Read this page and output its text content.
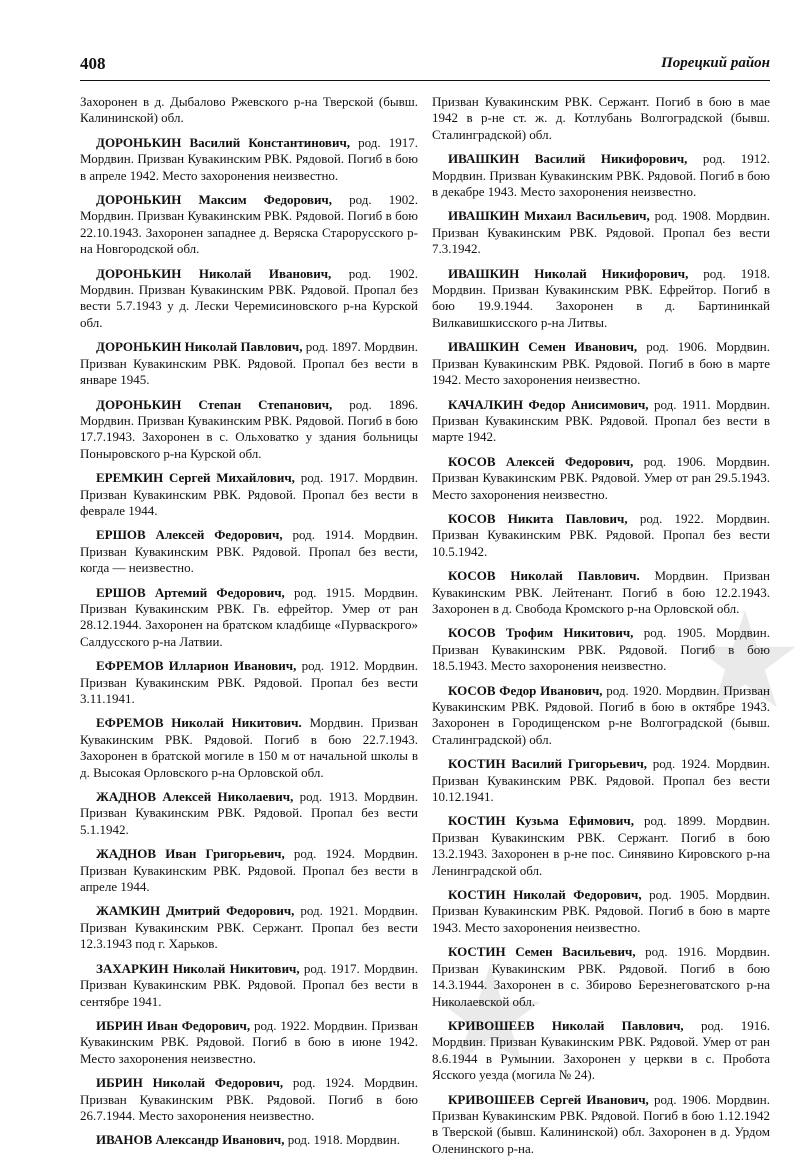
408	Порецкий район

Захоронен в д. Дыбалово Ржевского р-на Тверской (бывш. Калининской) обл.

ДОРОНЬКИН Василий Константинович, род. 1917. Мордвин. Призван Кувакинским РВК. Рядовой. Погиб в бою в апреле 1942. Место захоронения неизвестно.

ДОРОНЬКИН Максим Федорович, род. 1902. Мордвин. Призван Кувакинским РВК. Рядовой. Погиб в бою 22.10.1943. Захоронен западнее д. Веряска Старорусского р-на Новгородской обл.

ДОРОНЬКИН Николай Иванович, род. 1902. Мордвин. Призван Кувакинским РВК. Рядовой. Пропал без вести 5.7.1943 у д. Лески Черемисиновского р-на Курской обл.

ДОРОНЬКИН Николай Павлович, род. 1897. Мордвин. Призван Кувакинским РВК. Рядовой. Пропал без вести в январе 1945.

ДОРОНЬКИН Степан Степанович, род. 1896. Мордвин. Призван Кувакинским РВК. Рядовой. Погиб в бою 17.7.1943. Захоронен в с. Ольховатко у здания больницы Поныровского р-на Курской обл.

ЕРЕМКИН Сергей Михайлович, род. 1917. Мордвин. Призван Кувакинским РВК. Рядовой. Пропал без вести в феврале 1944.

ЕРШОВ Алексей Федорович, род. 1914. Мордвин. Призван Кувакинским РВК. Рядовой. Пропал без вести, когда — неизвестно.

ЕРШОВ Артемий Федорович, род. 1915. Мордвин. Призван Кувакинским РВК. Гв. ефрейтор. Умер от ран 28.12.1944. Захоронен на братском кладбище «Пурваскрого» Салдусского р-на Латвии.

ЕФРЕМОВ Илларион Иванович, род. 1912. Мордвин. Призван Кувакинским РВК. Рядовой. Пропал без вести 3.11.1941.

ЕФРЕМОВ Николай Никитович. Мордвин. Призван Кувакинским РВК. Рядовой. Погиб в бою 22.7.1943. Захоронен в братской могиле в 150 м от начальной школы в д. Высокая Орловского р-на Орловской обл.

ЖАДНОВ Алексей Николаевич, род. 1913. Мордвин. Призван Кувакинским РВК. Рядовой. Пропал без вести 5.1.1942.

ЖАДНОВ Иван Григорьевич, род. 1924. Мордвин. Призван Кувакинским РВК. Рядовой. Пропал без вести в апреле 1944.

ЖАМКИН Дмитрий Федорович, род. 1921. Мордвин. Призван Кувакинским РВК. Сержант. Пропал без вести 12.3.1943 под г. Харьков.

ЗАХАРКИН Николай Никитович, род. 1917. Мордвин. Призван Кувакинским РВК. Рядовой. Пропал без вести в сентябре 1941.

ИБРИН Иван Федорович, род. 1922. Мордвин. Призван Кувакинским РВК. Рядовой. Погиб в бою в июне 1942. Место захоронения неизвестно.

ИБРИН Николай Федорович, род. 1924. Мордвин. Призван Кувакинским РВК. Рядовой. Погиб в бою 26.7.1944. Место захоронения неизвестно.

ИВАНОВ Александр Иванович, род. 1918. Мордвин.

Призван Кувакинским РВК. Сержант. Погиб в бою в мае 1942 в р-не ст. ж. д. Котлубань Волгоградской (бывш. Сталинградской) обл.

ИВАШКИН Василий Никифорович, род. 1912. Мордвин. Призван Кувакинским РВК. Рядовой. Погиб в бою в декабре 1943. Место захоронения неизвестно.

ИВАШКИН Михаил Васильевич, род. 1908. Мордвин. Призван Кувакинским РВК. Рядовой. Пропал без вести 7.3.1942.

ИВАШКИН Николай Никифорович, род. 1918. Мордвин. Призван Кувакинским РВК. Ефрейтор. Погиб в бою 19.9.1944. Захоронен в д. Бартининкай Вилкавишкисского р-на Литвы.

ИВАШКИН Семен Иванович, род. 1906. Мордвин. Призван Кувакинским РВК. Рядовой. Погиб в бою в марте 1942. Место захоронения неизвестно.

КАЧАЛКИН Федор Анисимович, род. 1911. Мордвин. Призван Кувакинским РВК. Рядовой. Пропал без вести в марте 1942.

КОСОВ Алексей Федорович, род. 1906. Мордвин. Призван Кувакинским РВК. Рядовой. Умер от ран 29.5.1943. Место захоронения неизвестно.

КОСОВ Никита Павлович, род. 1922. Мордвин. Призван Кувакинским РВК. Рядовой. Пропал без вести 10.5.1942.

КОСОВ Николай Павлович. Мордвин. Призван Кувакинским РВК. Лейтенант. Погиб в бою 12.2.1943. Захоронен в д. Свобода Кромского р-на Орловской обл.

КОСОВ Трофим Никитович, род. 1905. Мордвин. Призван Кувакинским РВК. Рядовой. Погиб в бою 18.5.1943. Место захоронения неизвестно.

КОСОВ Федор Иванович, род. 1920. Мордвин. Призван Кувакинским РВК. Рядовой. Погиб в бою в октябре 1943. Захоронен в Городищенском р-не Волгоградской (бывш. Сталинградской) обл.

КОСТИН Василий Григорьевич, род. 1924. Мордвин. Призван Кувакинским РВК. Рядовой. Пропал без вести 10.12.1941.

КОСТИН Кузьма Ефимович, род. 1899. Мордвин. Призван Кувакинским РВК. Сержант. Погиб в бою 13.2.1943. Захоронен в р-не пос. Синявино Кировского р-на Ленинградской обл.

КОСТИН Николай Федорович, род. 1905. Мордвин. Призван Кувакинским РВК. Рядовой. Погиб в бою в марте 1943. Место захоронения неизвестно.

КОСТИН Семен Васильевич, род. 1916. Мордвин. Призван Кувакинским РВК. Рядовой. Погиб в бою 14.3.1944. Захоронен в с. Збирово Березнеговатского р-на Николаевской обл.

КРИВОШЕЕВ Николай Павлович, род. 1916. Мордвин. Призван Кувакинским РВК. Рядовой. Умер от ран 8.6.1944 в Румынии. Захоронен у церкви в с. Пробота Ясского уезда (могила № 24).

КРИВОШЕЕВ Сергей Иванович, род. 1906. Мордвин. Призван Кувакинским РВК. Рядовой. Погиб в бою 1.12.1942 в Тверской (бывш. Калининской) обл. Захоронен в д. Урдом Оленинского р-на.
